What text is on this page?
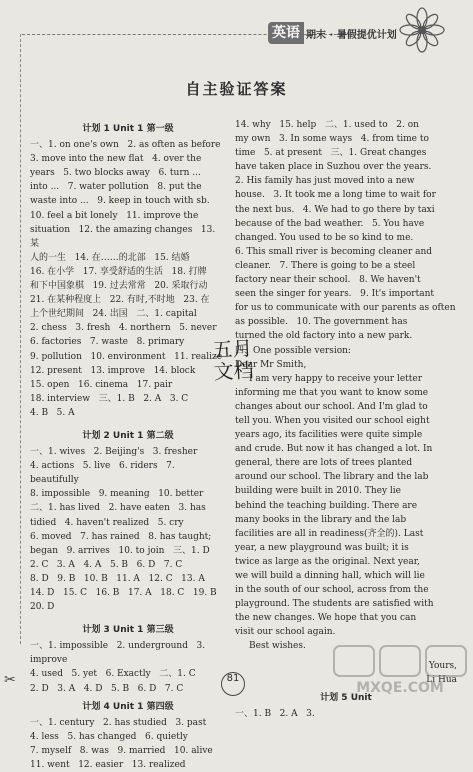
英语 期末 · 暑假提优计划
自主验证答案
计划 1 Unit 1 第一级
一、1. on one's own   2. as often as before
3. move into the new flat   4. over the
years   5. two blocks away   6. turn ...
into ...   7. water pollution   8. put the
waste into ...   9. keep in touch with sb.
10. feel a bit lonely   11. improve the
situation   12. the amazing changes   13. 某
人的一生   14. 在……的北部   15. 结婚
16. 在小学   17. 享受舒适的生活   18. 打牌
和下中国象棋   19. 过去常常   20. 采取行动
21. 在某种程度上   22. 有时,不时地   23. 在
上个世纪期间   24. 出国   二、1. capital
2. chess   3. fresh   4. northern   5. never
6. factories   7. waste   8. primary
9. pollution   10. environment   11. realize
12. present   13. improve   14. block
15. open   16. cinema   17. pair
18. interview   三、1. B   2. A   3. C
4. B   5. A
计划 2 Unit 1 第二级
一、1. wives   2. Beijing's   3. fresher
4. actions   5. live   6. riders   7. beautifully
8. impossible   9. meaning   10. better
二、1. has lived   2. have eaten   3. has
tidied   4. haven't realized   5. cry
6. moved   7. has rained   8. has taught;
began   9. arrives   10. to join   三、1. D
2. C   3. A   4. A   5. B   6. D   7. C
8. D   9. B   10. B   11. A   12. C   13. A
14. D   15. C   16. B   17. A   18. C   19. B
20. D
计划 3 Unit 1 第三级
一、1. impossible   2. underground   3. improve
4. used   5. yet   6. Exactly   二、1. C
2. D   3. A   4. D   5. B   6. D   7. C
计划 4 Unit 1 第四级
一、1. century   2. has studied   3. past
4. less   5. has changed   6. quietly
7. myself   8. was   9. married   10. alive
11. went   12. easier   13. realized
14. why   15. help   二、1. used to   2. on
my own   3. In some ways   4. from time to
time   5. at present   三、1. Great changes
have taken place in Suzhou over the years.
2. His family has just moved into a new
house.   3. It took me a long time to wait for
the next bus.   4. We had to go there by taxi
because of the bad weather.   5. You have
changed. You used to be so kind to me.
6. This small river is becoming cleaner and
cleaner.   7. There is going to be a steel
factory near their school.   8. We haven't
seen the singer for years.   9. It's important
for us to communicate with our parents as often
as possible.   10. The government has
turned the old factory into a new park.
四、One possible version:
Dear Mr Smith,
I am very happy to receive your letter
informing me that you want to know some
changes about our school. And I'm glad to
tell you. When you visited our school eight
years ago, its facilities were quite simple
and crude. But now it has changed a lot. In
general, there are lots of trees planted
around our school. The library and the lab
building were built in 2010. They lie
behind the teaching building. There are
many books in the library and the lab
facilities are all in readiness(齐全的). Last
year, a new playground was built; it is
twice as large as the original. Next year,
we will build a dinning hall, which will lie
in the south of our school, across from the
playground. The students are satisfied with
the new changes. We hope that you can
visit our school again.
Best wishes.
Yours,
Li Hua
计划 5 Unit
一、1. B   2. A   3.
五月文档
✂	81
MXQE.COM
